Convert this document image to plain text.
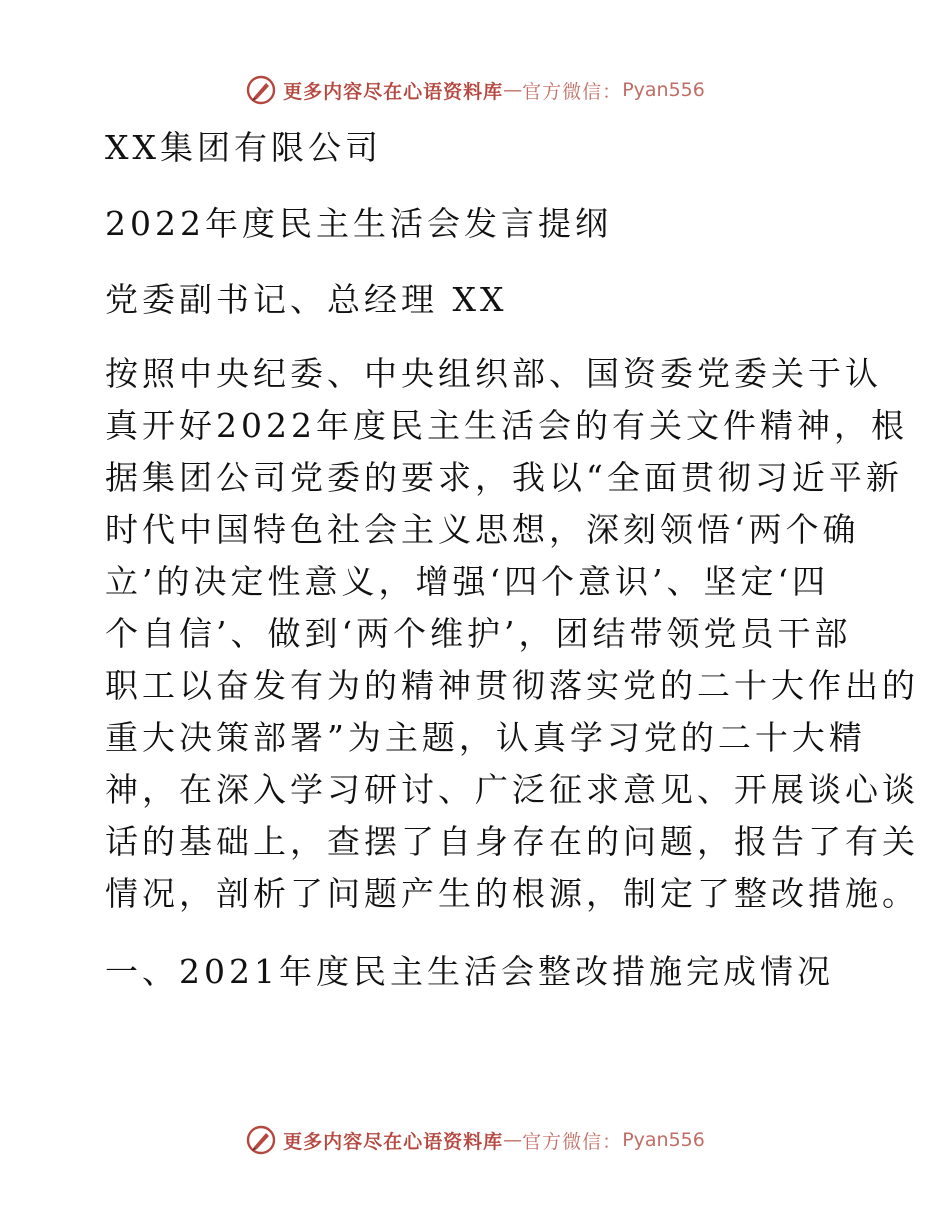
更多内容尽在心语资料库 — 官方微信： Pyan556
XX集团有限公司
2022年度民主生活会发言提纲
党委副书记、总经理 XX
按照中央纪委、中央组织部、国资委党委关于认
真开好2022年度民主生活会的有关文件精神，根
据集团公司党委的要求，我以“全面贯彻习近平新
时代中国特色社会主义思想，深刻领悟‘两个确
立’的决定性意义，增强‘四个意识’、坚定‘四
个自信’、做到‘两个维护’，团结带领党员干部
职工以奋发有为的精神贯彻落实党的二十大作出的
重大决策部署”为主题，认真学习党的二十大精
神，在深入学习研讨、广泛征求意见、开展谈心谈
话的基础上，查摆了自身存在的问题，报告了有关
情况，剖析了问题产生的根源，制定了整改措施。
一、2021年度民主生活会整改措施完成情况
更多内容尽在心语资料库 — 官方微信： Pyan556
